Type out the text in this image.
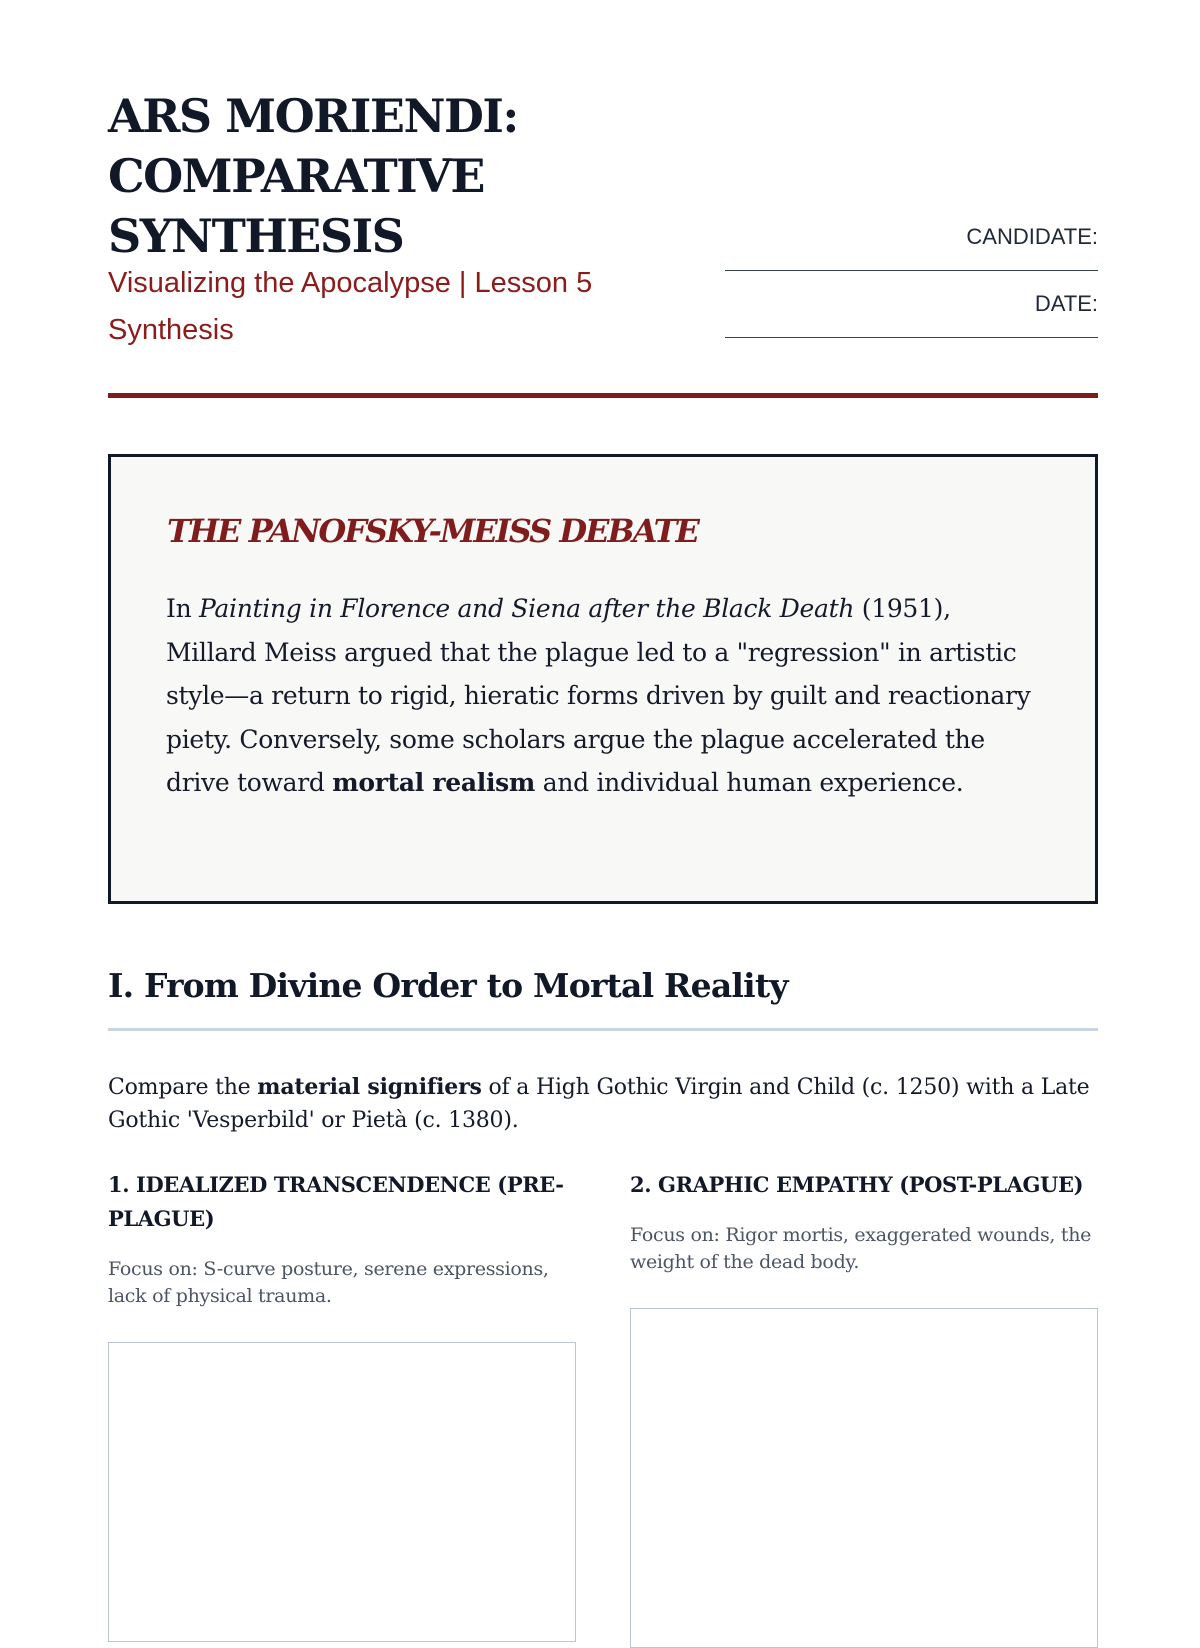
ARS MORIENDI: COMPARATIVE SYNTHESIS
Visualizing the Apocalypse | Lesson 5 Synthesis
CANDIDATE:
DATE:
THE PANOFSKY-MEISS DEBATE

In Painting in Florence and Siena after the Black Death (1951), Millard Meiss argued that the plague led to a "regression" in artistic style—a return to rigid, hieratic forms driven by guilt and reactionary piety. Conversely, some scholars argue the plague accelerated the drive toward mortal realism and individual human experience.

I. From Divine Order to Mortal Reality

Compare the material signifiers of a High Gothic Virgin and Child (c. 1250) with a Late Gothic 'Vesperbild' or Pietà (c. 1380).

1. IDEALIZED TRANSCENDENCE (PRE-PLAGUE)
Focus on: S-curve posture, serene expressions, lack of physical trauma.
2. GRAPHIC EMPATHY (POST-PLAGUE)
Focus on: Rigor mortis, exaggerated wounds, the weight of the dead body.
